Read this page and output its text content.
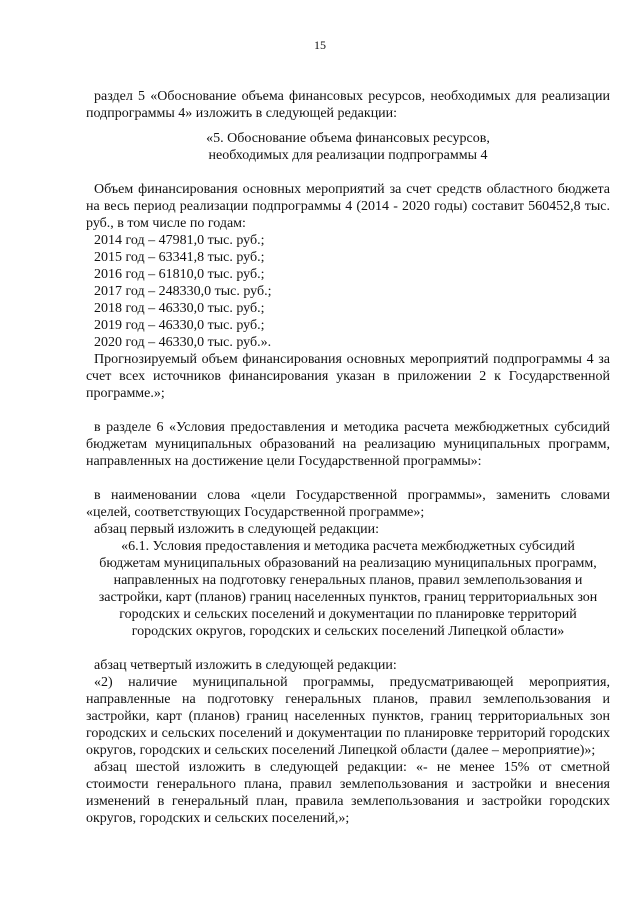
15

раздел 5 «Обоснование объема финансовых ресурсов, необходимых для реализации подпрограммы 4» изложить в следующей редакции:

«5. Обоснование объема финансовых ресурсов,

необходимых для реализации подпрограммы 4

Объем финансирования основных мероприятий за счет средств областного бюджета на весь период реализации подпрограммы 4 (2014 - 2020 годы) составит 560452,8 тыс. руб., в том числе по годам:

2014 год – 47981,0 тыс. руб.;

2015 год – 63341,8 тыс. руб.;

2016 год – 61810,0 тыс. руб.;

2017 год – 248330,0 тыс. руб.;

2018 год – 46330,0 тыс. руб.;

2019 год – 46330,0 тыс. руб.;

2020 год – 46330,0 тыс. руб.».

Прогнозируемый объем финансирования основных мероприятий подпрограммы 4 за счет всех источников финансирования указан в приложении 2 к Государственной программе.»;

в разделе 6 «Условия предоставления и методика расчета межбюджетных субсидий бюджетам муниципальных образований на реализацию муниципальных программ, направленных на достижение цели Государственной программы»:

в наименовании слова «цели Государственной программы», заменить словами «целей, соответствующих Государственной программе»;

абзац первый изложить в следующей редакции:

«6.1. Условия предоставления и методика расчета межбюджетных субсидий

бюджетам муниципальных образований на реализацию муниципальных программ,

направленных на подготовку генеральных планов, правил землепользования и

застройки, карт (планов) границ населенных пунктов, границ территориальных зон

городских и сельских поселений и документации по планировке территорий

городских округов, городских и сельских поселений Липецкой области»

абзац четвертый изложить в следующей редакции:

«2) наличие муниципальной программы, предусматривающей мероприятия, направленные на подготовку генеральных планов, правил землепользования и застройки, карт (планов) границ населенных пунктов, границ территориальных зон городских и сельских поселений и документации по планировке территорий городских округов, городских и сельских поселений Липецкой области (далее – мероприятие)»;

абзац шестой изложить в следующей редакции: «- не менее 15% от сметной стоимости генерального плана, правил землепользования и застройки и внесения изменений в генеральный план, правила землепользования и застройки городских округов, городских и сельских поселений,»;
